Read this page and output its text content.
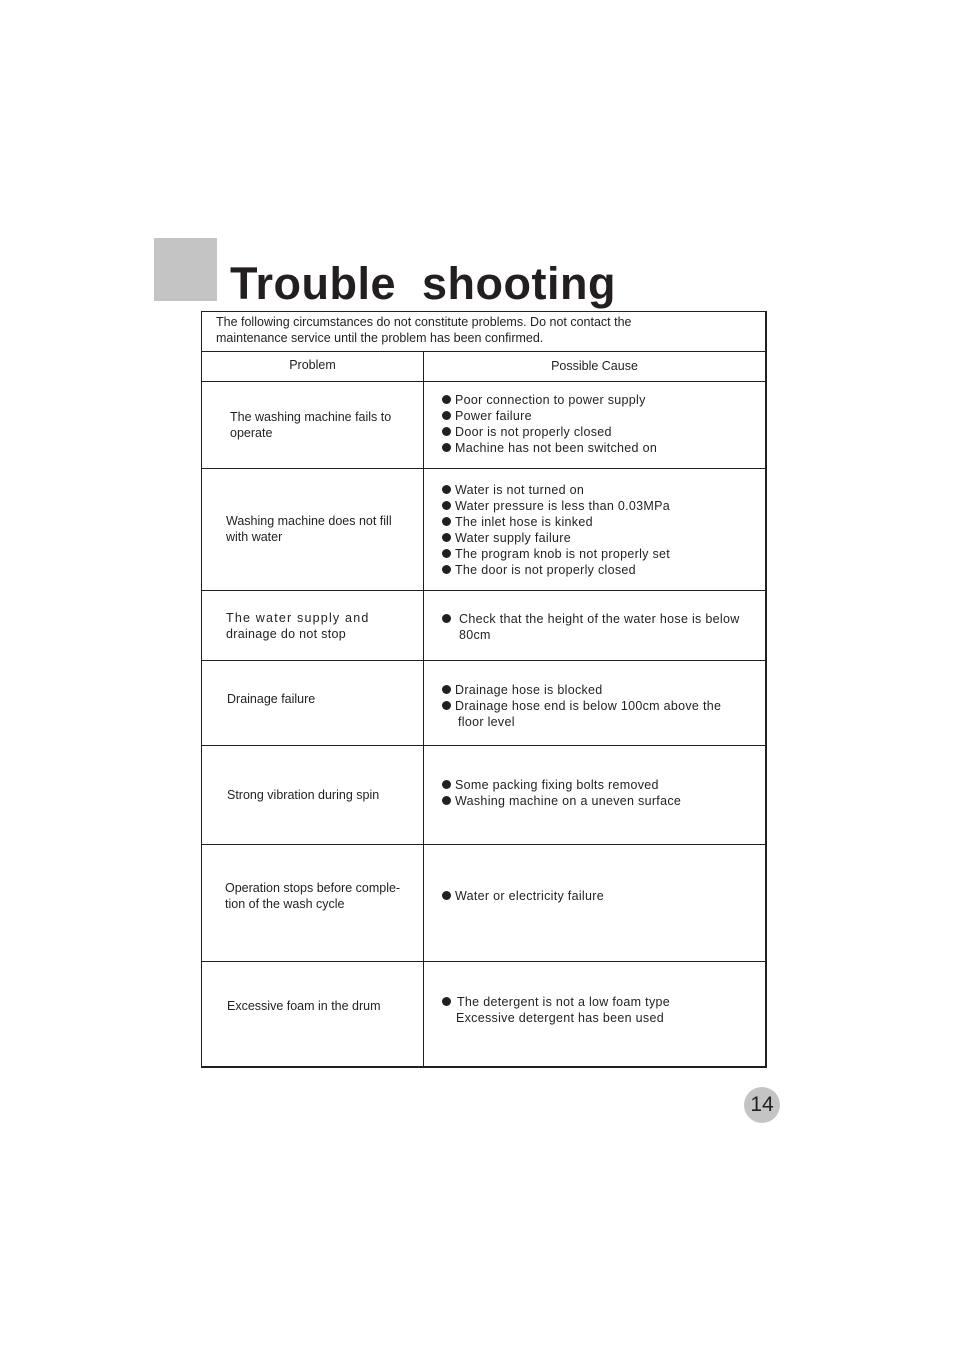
Trouble  shooting
The following circumstances do not constitute problems. Do not contact the
maintenance service until the problem has been confirmed.
Problem	Possible Cause
The washing machine fails to
operate
Poor connection to power supply
Power failure
Door is not properly closed
Machine has not been switched on
Washing machine does not fill
with water
Water is not turned on
Water pressure is less than 0.03MPa
The inlet hose is kinked
Water supply failure
The program knob is not properly set
The door is not properly closed
The water supply and
drainage do not stop
Check that the height of the water hose is below
80cm
Drainage failure
Drainage hose is blocked
Drainage hose end is below 100cm above the
floor level
Strong vibration during spin
Some packing fixing bolts removed
Washing machine on a uneven surface
Operation stops before comple-
tion of the wash cycle
Water or electricity failure
Excessive foam in the drum	The detergent is not a low foam type
Excessive detergent has been used
14
